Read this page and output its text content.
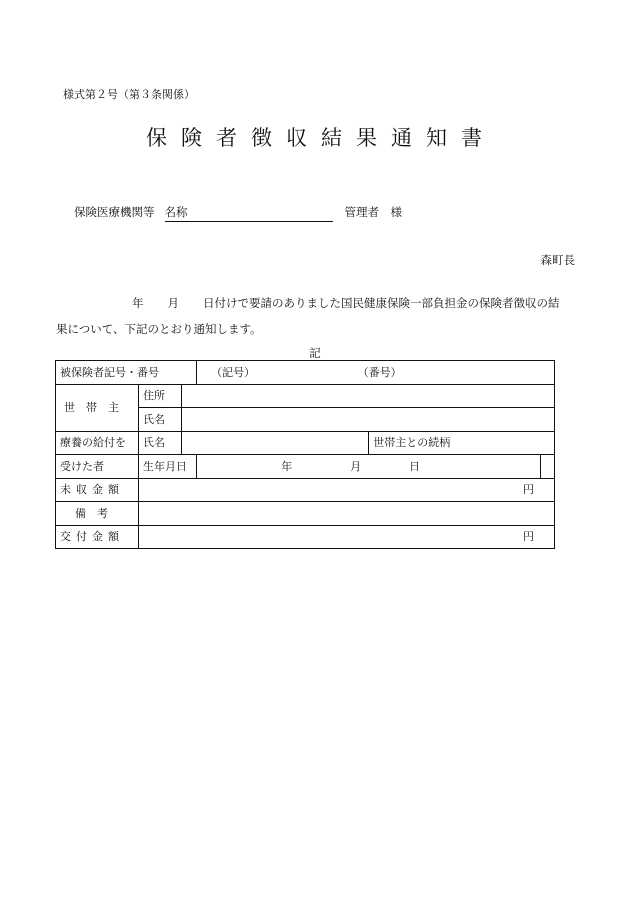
様式第２号（第３条関係）
保険者徴収結果通知書
保険医療機関等 名称	管理者　様
森町長
年 月 日付けで要請のありました国民健康保険一部負担金の保険者徴収の結
果について、下記のとおり通知します。
記
被保険者記号・番号			（記号） （番号）		
世帯主	住所				
	氏名				
療養の給付を	氏名			世帯主との続柄	
受けた者	生年月日		年 月 日		
未収金額	円				
備考					
交付金額	円				
